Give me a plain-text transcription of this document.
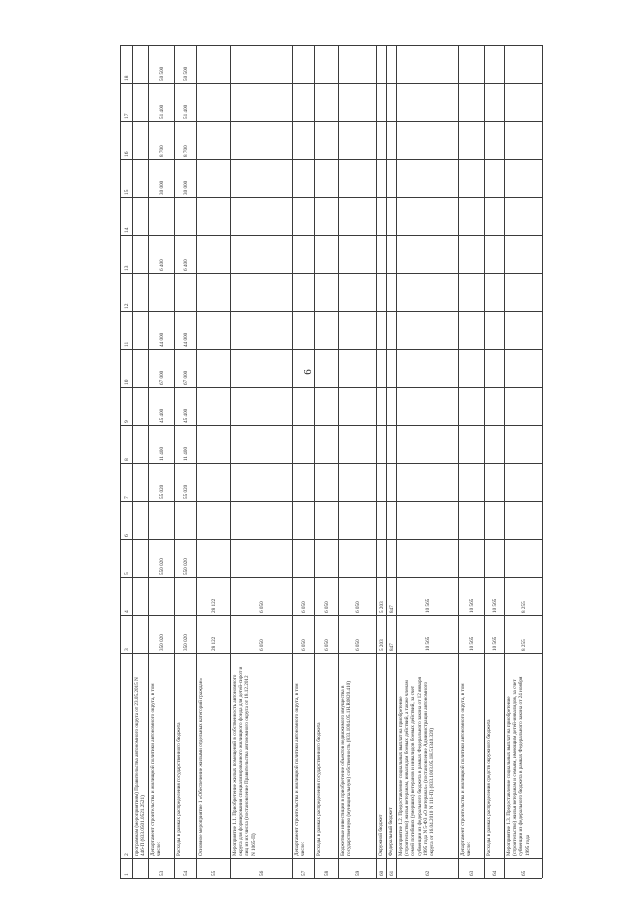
6
1
2
3
4
5
6
7
8
9
10
11
12
13
14
15
16
17
18
программам (мероприятиям) Правительства автономного округа от 23.05.2015 N 446-П (833.0501.0521.2521)
53
Департамент строительства и жилищной политики автономного округа, в том числе:
350 020
550 020
55 020
11 400
45 400
67 000
44 000
6 400
30 000
8 700
51 400
50 500
54
Расходы в рамках распределения государственного бюджета
350 020
550 020
55 020
11 400
45 400
67 000
44 000
6 400
30 000
8 700
51 400
50 500
55
Основное мероприятие 1 «Обеспечение жилыми отдельных категорий граждан»
28 122
28 122
56
Мероприятие 1.1. Приобретение жилых помещений в собственность автономного округа для формирования специализированного жилищного фонда для детей-сирот и лиц из их числа (постановление Правительства автономного округа от 18.12.2012 N 1065-П)
6 050
6 050
57
Департамент строительства и жилищной политики автономного округа, в том числе:
6 050
6 050
58
Расходы в рамках распределения государственного бюджета
6 050
6 050
59
Бюджетные инвестиции в приобретение объектов недвижимого имущества в государственную (муниципальную) собственность (833.1004.05.1Н.R0820.410)
6 050
6 050
60
Окружной бюджет
5 203
5 203
61
Федеральный бюджет
847
847
62
Мероприятие 1.2. Предоставление социальных выплат на приобретение (строительство) жилья ветеранам, инвалидам боевых действий, а также членам семей погибших (умерших) ветеранов и инвалидов боевых действий, за счет субвенции из федерального бюджета в рамках Федерального закона от 12 января 1995 года N 5-ФЗ «О ветеранах» (постановление Администрации автономного округа от 16.04.2010 N 111-П) (833.1003.05.1Н.51340.320)
10 565
10 565
63
Департамент строительства и жилищной политики автономного округа, в том числе:
10 565
10 565
64
Расходы в рамках распределения средств окружного бюджета
10 565
10 565
65
Мероприятие 1.3. Предоставление социальных выплат на приобретение (строительство) жилья ветеранам и семьям, имеющим детей-инвалидов, за счет субвенции из федерального бюджета в рамках Федерального закона от 24 ноября 1995 года
8 255
8 255
